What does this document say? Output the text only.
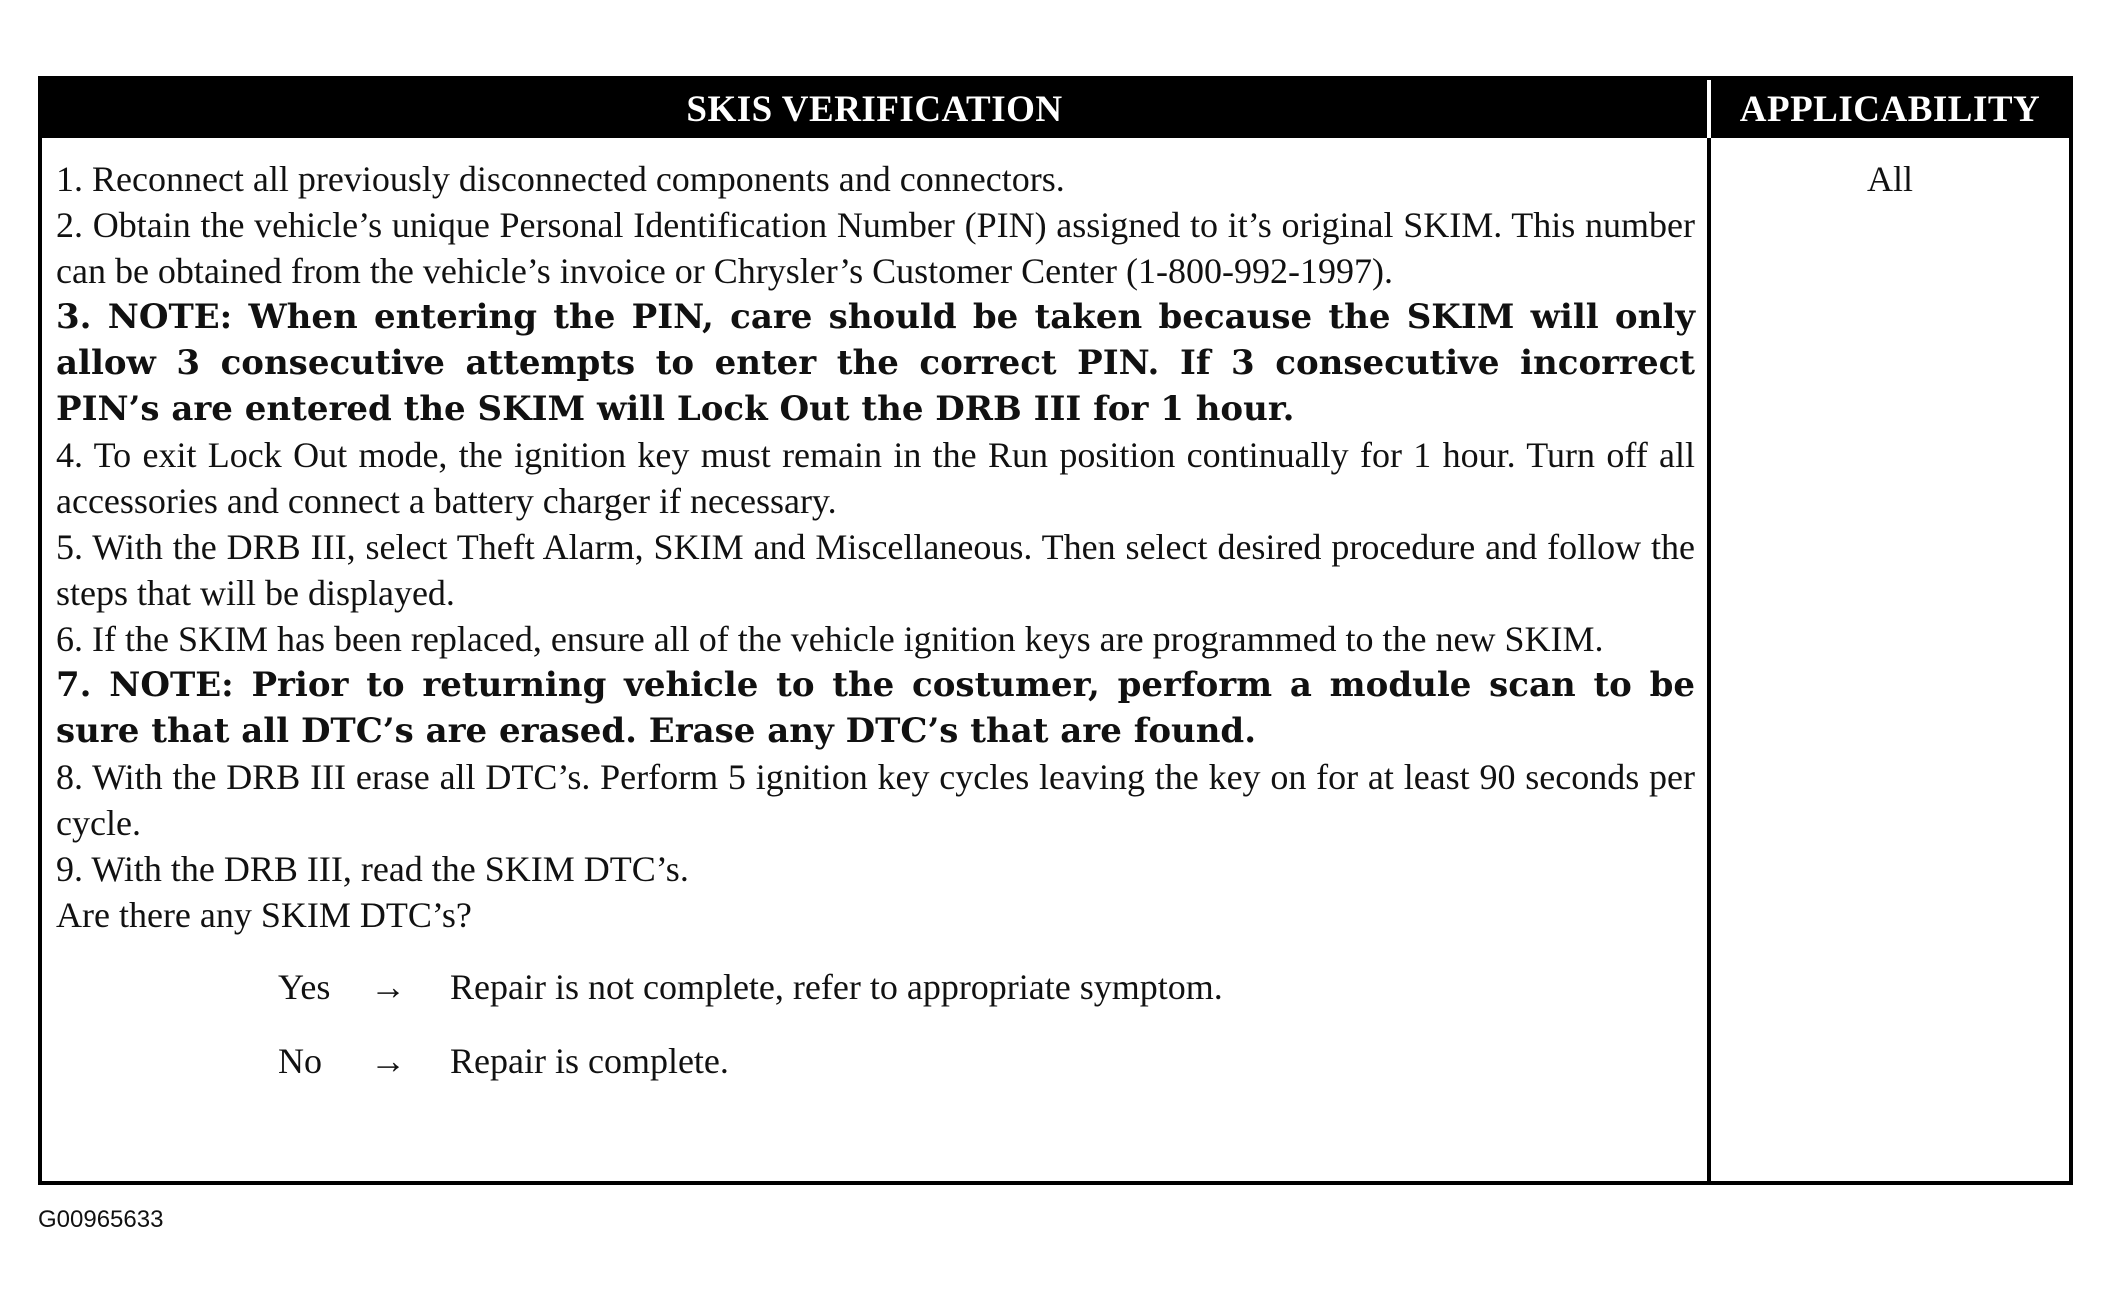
SKIS VERIFICATION	APPLICABILITY
1. Reconnect all previously disconnected components and connectors.
2. Obtain the vehicle’s unique Personal Identification Number (PIN) assigned to it’s original SKIM. This number can be obtained from the vehicle’s invoice or Chrysler’s Customer Center (1-800-992-1997).
3. NOTE: When entering the PIN, care should be taken because the SKIM will only allow 3 consecutive attempts to enter the correct PIN. If 3 consecutive incorrect PIN’s are entered the SKIM will Lock Out the DRB III for 1 hour.
4. To exit Lock Out mode, the ignition key must remain in the Run position continually for 1 hour. Turn off all accessories and connect a battery charger if necessary.
5. With the DRB III, select Theft Alarm, SKIM and Miscellaneous. Then select desired procedure and follow the steps that will be displayed.
6. If the SKIM has been replaced, ensure all of the vehicle ignition keys are programmed to the new SKIM.
7. NOTE: Prior to returning vehicle to the costumer, perform a module scan to be sure that all DTC’s are erased. Erase any DTC’s that are found.
8. With the DRB III erase all DTC’s. Perform 5 ignition key cycles leaving the key on for at least 90 seconds per cycle.
9. With the DRB III, read the SKIM DTC’s.
Are there any SKIM DTC’s?
Yes	→	Repair is not complete, refer to appropriate symptom.
No	→	Repair is complete.
All
G00965633
